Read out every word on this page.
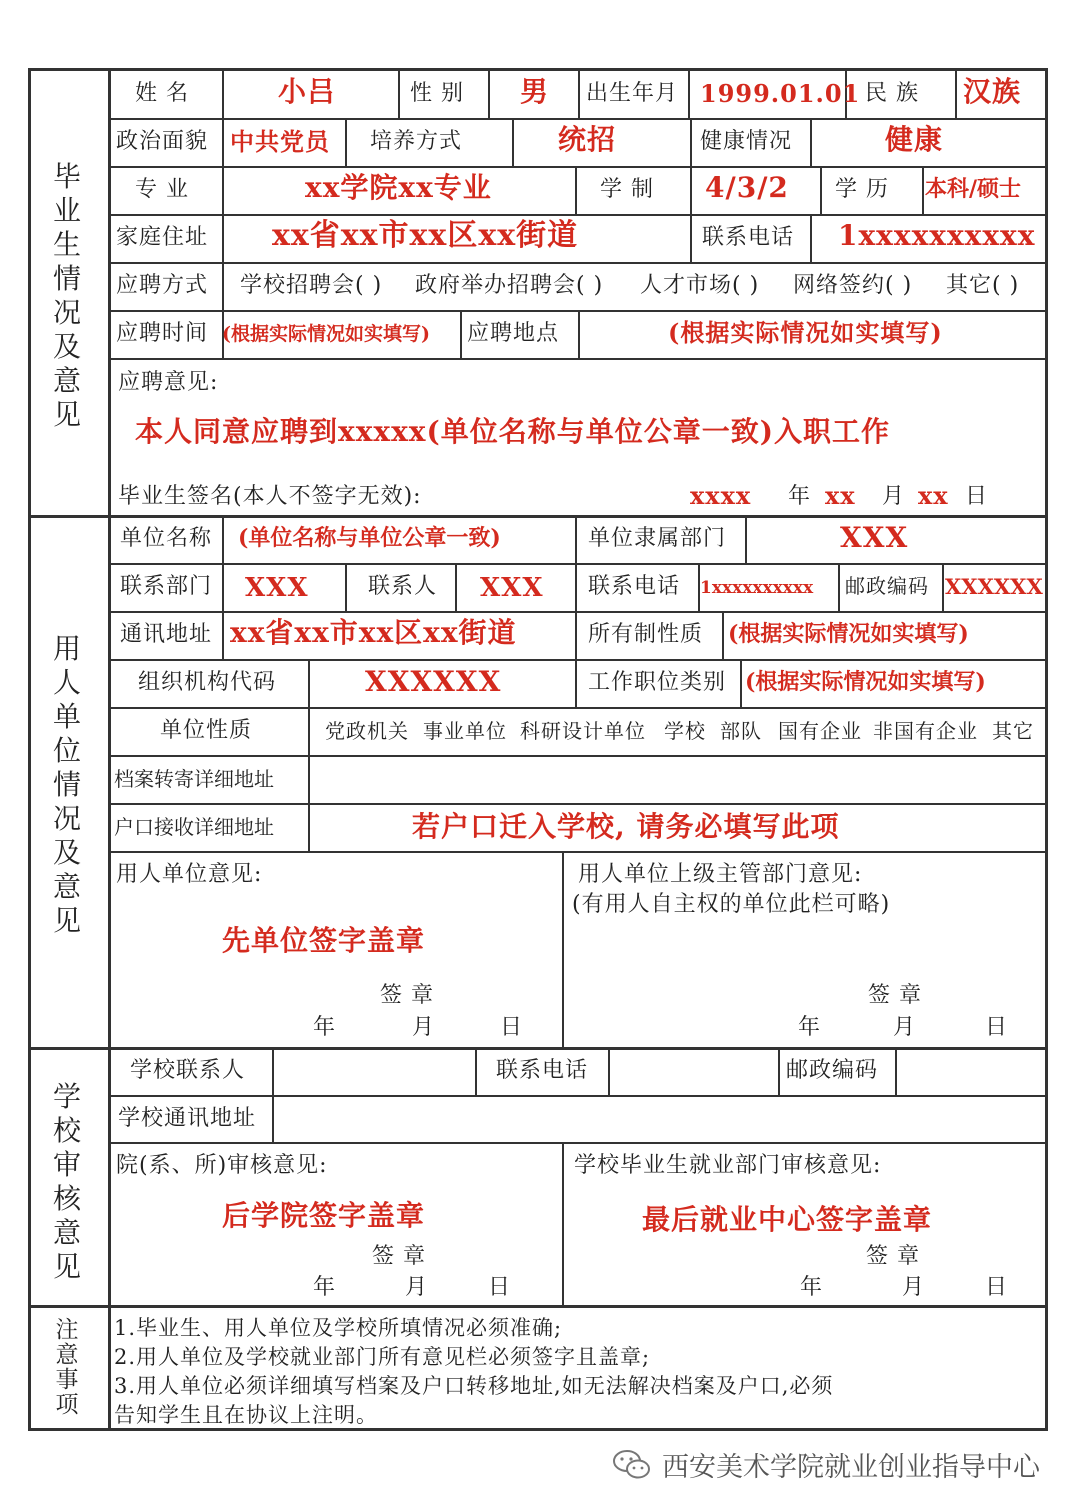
毕
业
生
情
况
及
意
见
姓 名	小吕	性 别 男 出生年月 1999.01.01 民 族 汉族
政治面貌 中共党员 培养方式	统招	健康情况	健康
专 业	xx学院xx专业	学 制 4/3/2 学 历 本科/硕士
家庭住址 xx省xx市xx区xx街道	联系电话 1xxxxxxxxxx
应聘方式 学校招聘会( ) 政府举办招聘会( ) 人才市场( ) 网络签约( ) 其它( )
应聘时间 (根据实际情况如实填写) 应聘地点	(根据实际情况如实填写)
应聘意见:
本人同意应聘到xxxxx(单位名称与单位公章一致)入职工作
毕业生签名(本人不签字无效):	xxxx 年 xx 月 xx 日
用
人
单
位
情
况
及
意
见
单位名称 (单位名称与单位公章一致)	单位隶属部门	XXX
联系部门 XXX	联系人 XXX 联系电话 1xxxxxxxxxx 邮政编码 XXXXXX
通讯地址 xx省xx市xx区xx街道	所有制性质 (根据实际情况如实填写)
组织机构代码	XXXXXX	工作职位类别 (根据实际情况如实填写)
单位性质	党政机关 事业单位 科研设计单位 学校 部队 国有企业 非国有企业 其它
档案转寄详细地址
户口接收详细地址	若户口迁入学校, 请务必填写此项
用人单位意见:
先单位签字盖章
签 章
年	月	日
用人单位上级主管部门意见:
(有用人自主权的单位此栏可略)
签 章
年	月	日
学
校
审
核
意
见
学校联系人	联系电话	邮政编码
学校通讯地址
院(系、所)审核意见:
后学院签字盖章
签 章
年	月	日
学校毕业生就业部门审核意见:
最后就业中心签字盖章
签 章
年	月	日
注
意
事
项
1.毕业生、用人单位及学校所填情况必须准确;
2.用人单位及学校就业部门所有意见栏必须签字且盖章;
3.用人单位必须详细填写档案及户口转移地址,如无法解决档案及户口,必须
告知学生且在协议上注明。
西安美术学院就业创业指导中心
